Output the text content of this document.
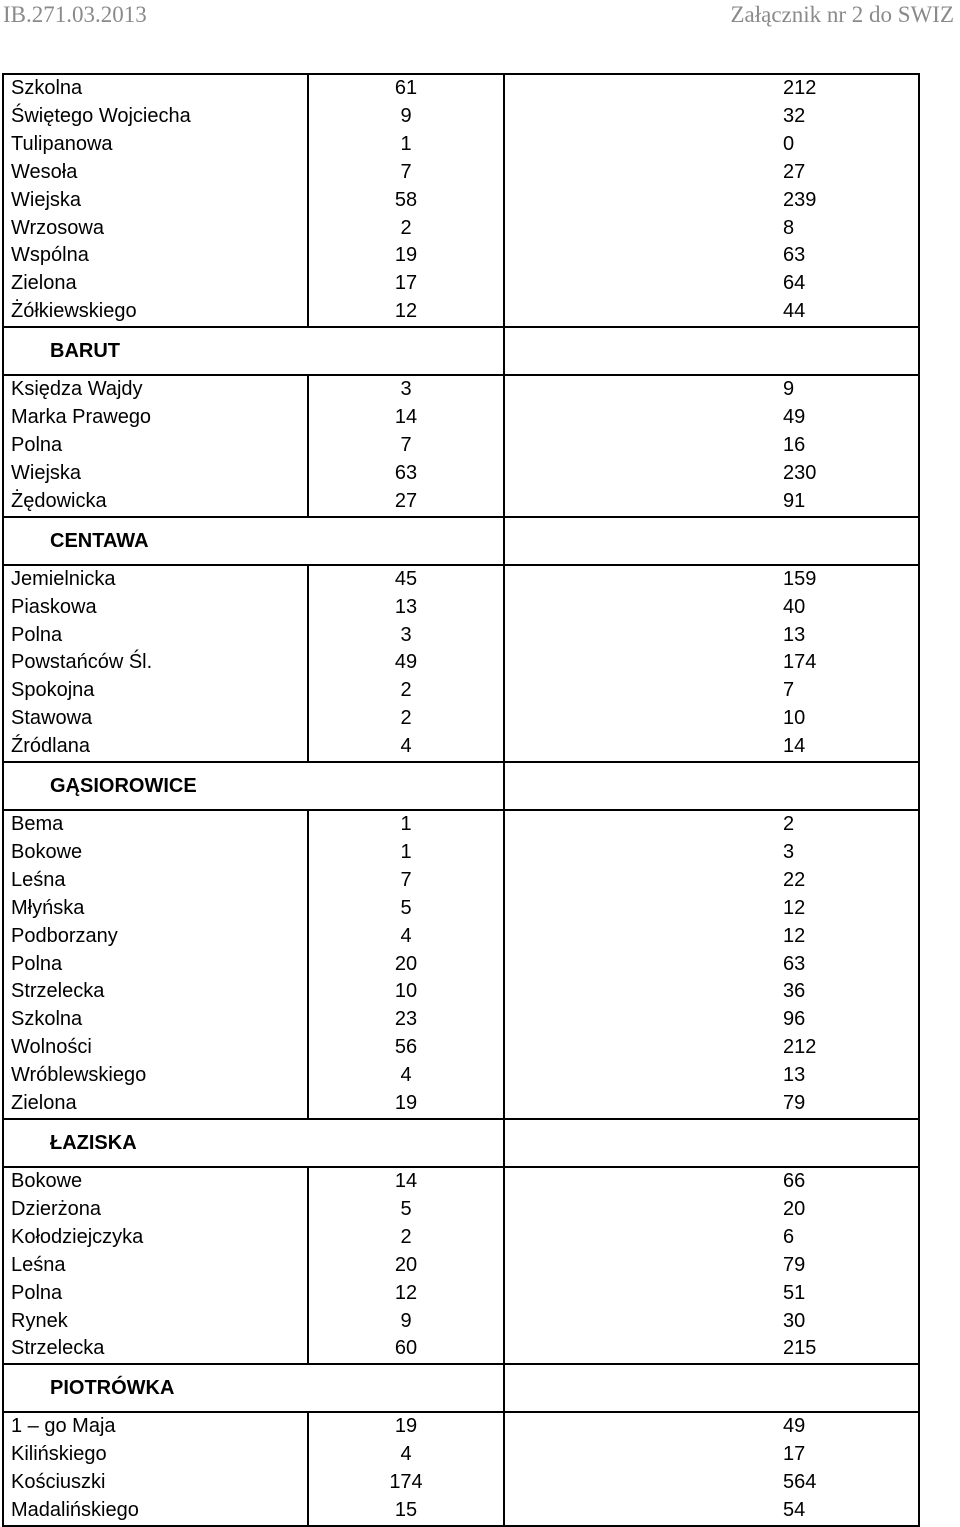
IB.271.03.2013	Załącznik nr 2 do SWIZ
Szkolna	61	212
Świętego Wojciecha	9	32
Tulipanowa	1	0
Wesoła	7	27
Wiejska	58	239
Wrzosowa	2	8
Wspólna	19	63
Zielona	17	64
Żółkiewskiego	12	44
BARUT		
Księdza Wajdy	3	9
Marka Prawego	14	49
Polna	7	16
Wiejska	63	230
Żędowicka	27	91
CENTAWA		
Jemielnicka	45	159
Piaskowa	13	40
Polna	3	13
Powstańców Śl.	49	174
Spokojna	2	7
Stawowa	2	10
Źródlana	4	14
GĄSIOROWICE		
Bema	1	2
Bokowe	1	3
Leśna	7	22
Młyńska	5	12
Podborzany	4	12
Polna	20	63
Strzelecka	10	36
Szkolna	23	96
Wolności	56	212
Wróblewskiego	4	13
Zielona	19	79
ŁAZISKA		
Bokowe	14	66
Dzierżona	5	20
Kołodziejczyka	2	6
Leśna	20	79
Polna	12	51
Rynek	9	30
Strzelecka	60	215
PIOTRÓWKA		
1 – go Maja	19	49
Kilińskiego	4	17
Kościuszki	174	564
Madalińskiego	15	54
